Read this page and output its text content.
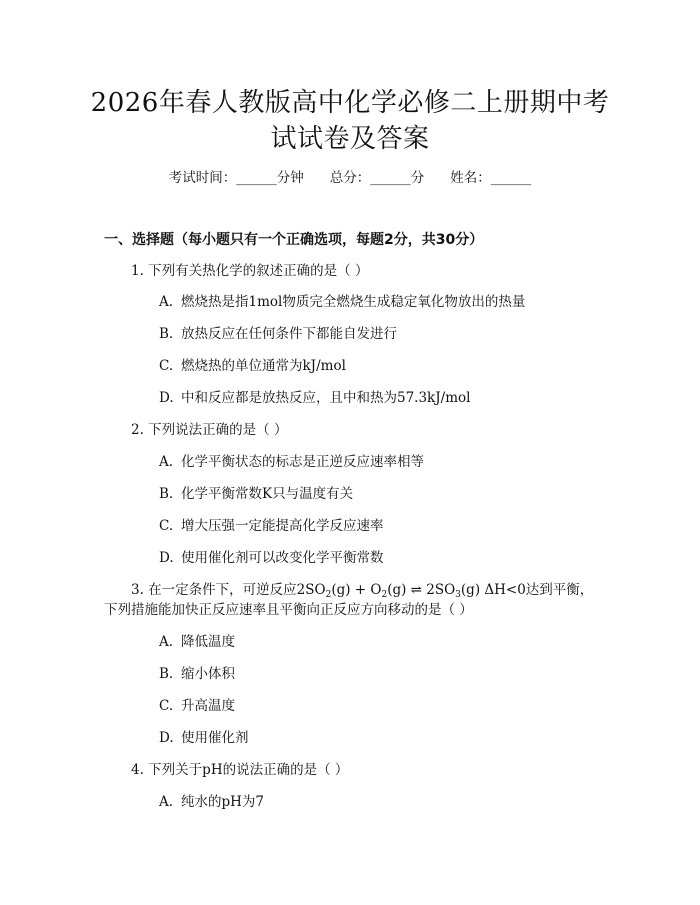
2026年春人教版高中化学必修二上册期中考
试试卷及答案
考试时间：______分钟 总分：______分 姓名：______
一、选择题（每小题只有一个正确选项，每题2分，共30分）
1. 下列有关热化学的叙述正确的是（ ）
A. 燃烧热是指1mol物质完全燃烧生成稳定氧化物放出的热量
B. 放热反应在任何条件下都能自发进行
C. 燃烧热的单位通常为kJ/mol
D. 中和反应都是放热反应，且中和热为57.3kJ/mol
2. 下列说法正确的是（ ）
A. 化学平衡状态的标志是正逆反应速率相等
B. 化学平衡常数K只与温度有关
C. 增大压强一定能提高化学反应速率
D. 使用催化剂可以改变化学平衡常数
3. 在一定条件下，可逆反应$2SO_2(g) + O_2(g)$ ⇌ $2SO_3(g)$ ΔH<0达到平衡，
下列措施能加快正反应速率且平衡向正反应方向移动的是（ ）
A. 降低温度
B. 缩小体积
C. 升高温度
D. 使用催化剂
4. 下列关于pH的说法正确的是（ ）
A. 纯水的pH为7
